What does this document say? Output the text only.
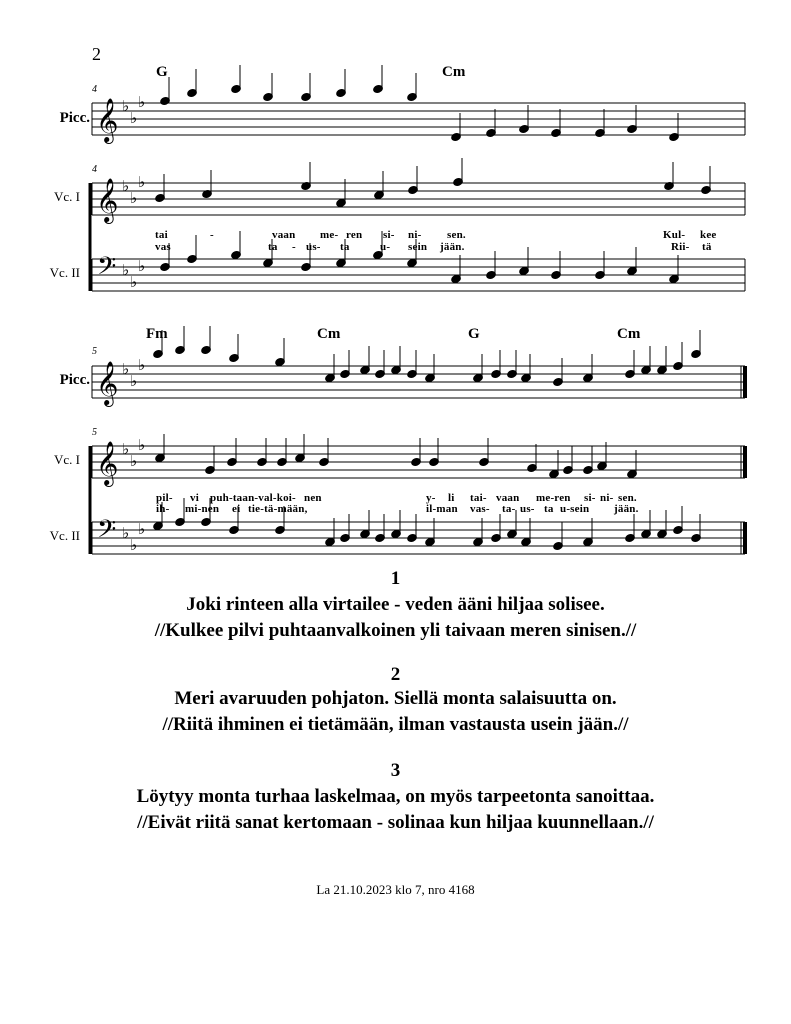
2
𝄞
𝄞
𝄢
♭
♭
♭
♭
♭
♭
♭
♭
♭
𝄞
𝄞
𝄢
♭
♭
♭
♭
♭
♭
♭
♭
♭
G	Cm
Picc.
Vc. I
Vc. II
4
4
tai	-	vaan me- ren si- ni- sen.	Kul- kee
vas	ta - us- ta	u- sein jään.	Rii- tä
Fm	Cm	G	Cm
Picc.
Vc. I
Vc. II
5
5
pil- vi puh-taan-val-koi- nen	y- li tai- vaan me-ren si- ni- sen.
ih- mi-nen ei tie-tä-mään,	il-man vas- ta- us- ta u-sein jään.
1
Joki rinteen alla virtailee - veden ääni hiljaa solisee.
//Kulkee pilvi puhtaanvalkoinen yli taivaan meren sinisen.//
2
Meri avaruuden pohjaton. Siellä monta salaisuutta on.
//Riitä ihminen ei tietämään, ilman vastausta usein jään.//
3
Löytyy monta turhaa laskelmaa, on myös tarpeetonta sanoittaa.
//Eivät riitä sanat kertomaan - solinaa kun hiljaa kuunnellaan.//
La 21.10.2023 klo 7, nro 4168
